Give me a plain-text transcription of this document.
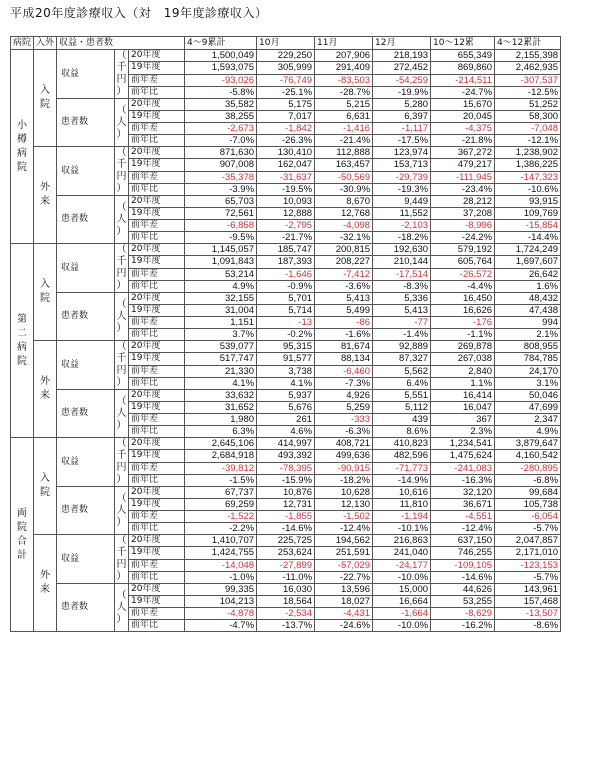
平成20年度診療収入（対　19年度診療収入）
病院	入外	収益・患者数			4～9累計	10月	11月	12月	10～12累	4～12累計

小
樽
病
院	入
院	収益	（
千
円
）	20年度	1,500,049	229,250	207,906	218,193	655,349	2,155,398
				19年度	1,593,075	305,999	291,409	272,452	869,860	2,462,935
				前年差	-93,026	-76,749	-83,503	-54,259	-214,511	-307,537
				前年比	-5.8%	-25.1%	-28.7%	-19.9%	-24.7%	-12.5%
		患者数	（
人
）	20年度	35,582	5,175	5,215	5,280	15,670	51,252
				19年度	38,255	7,017	6,631	6,397	20,045	58,300
				前年差	-2,673	-1,842	-1,416	-1,117	-4,375	-7,048
				前年比	-7.0%	-26.3%	-21.4%	-17.5%	-21.8%	-12.1%

	外
来	収益	（
千
円
）	20年度	871,630	130,410	112,888	123,974	367,272	1,238,902
				19年度	907,008	162,047	163,457	153,713	479,217	1,386,225
				前年差	-35,378	-31,637	-50,569	-29,739	-111,945	-147,323
				前年比	-3.9%	-19.5%	-30.9%	-19.3%	-23.4%	-10.6%
		患者数	（
人
）	20年度	65,703	10,093	8,670	9,449	28,212	93,915
				19年度	72,561	12,888	12,768	11,552	37,208	109,769
				前年差	-6,858	-2,795	-4,098	-2,103	-8,996	-15,854
				前年比	-9.5%	-21.7%	-32.1%	-18.2%	-24.2%	-14.4%

第
二
病
院	入
院	収益	（
千
円
）	20年度	1,145,057	185,747	200,815	192,630	579,192	1,724,249
				19年度	1,091,843	187,393	208,227	210,144	605,764	1,697,607
				前年差	53,214	-1,646	-7,412	-17,514	-26,572	26,642
				前年比	4.9%	-0.9%	-3.6%	-8.3%	-4.4%	1.6%
		患者数	（
人
）	20年度	32,155	5,701	5,413	5,336	16,450	48,432
				19年度	31,004	5,714	5,499	5,413	16,626	47,438
				前年差	1,151	-13	-86	-77	-176	994
				前年比	3.7%	-0.2%	-1.6%	-1.4%	-1.1%	2.1%

	外
来	収益	（
千
円
）	20年度	539,077	95,315	81,674	92,889	269,878	808,955
				19年度	517,747	91,577	88,134	87,327	267,038	784,785
				前年差	21,330	3,738	-6,460	5,562	2,840	24,170
				前年比	4.1%	4.1%	-7.3%	6.4%	1.1%	3.1%
		患者数	（
人
）	20年度	33,632	5,937	4,926	5,551	16,414	50,046
				19年度	31,652	5,676	5,259	5,112	16,047	47,699
				前年差	1,980	261	-333	439	367	2,347
				前年比	6.3%	4.6%	-6.3%	8.6%	2.3%	4.9%

両
院
合
計	入
院	収益	（
千
円
）	20年度	2,645,106	414,997	408,721	410,823	1,234,541	3,879,647
				19年度	2,684,918	493,392	499,636	482,596	1,475,624	4,160,542
				前年差	-39,812	-78,395	-90,915	-71,773	-241,083	-280,895
				前年比	-1.5%	-15.9%	-18.2%	-14.9%	-16.3%	-6.8%
		患者数	（
人
）	20年度	67,737	10,876	10,628	10,616	32,120	99,684
				19年度	69,259	12,731	12,130	11,810	36,671	105,738
				前年差	-1,522	-1,855	-1,502	-1,194	-4,551	-6,054
				前年比	-2.2%	-14.6%	-12.4%	-10.1%	-12.4%	-5.7%

	外
来	収益	（
千
円
）	20年度	1,410,707	225,725	194,562	216,863	637,150	2,047,857
				19年度	1,424,755	253,624	251,591	241,040	746,255	2,171,010
				前年差	-14,048	-27,899	-57,029	-24,177	-109,105	-123,153
				前年比	-1.0%	-11.0%	-22.7%	-10.0%	-14.6%	-5.7%
		患者数	（
人
）	20年度	99,335	16,030	13,596	15,000	44,626	143,961
				19年度	104,213	18,564	18,027	16,664	53,255	157,468
				前年差	-4,878	-2,534	-4,431	-1,664	-8,629	-13,507
				前年比	-4.7%	-13.7%	-24.6%	-10.0%	-16.2%	-8.6%
